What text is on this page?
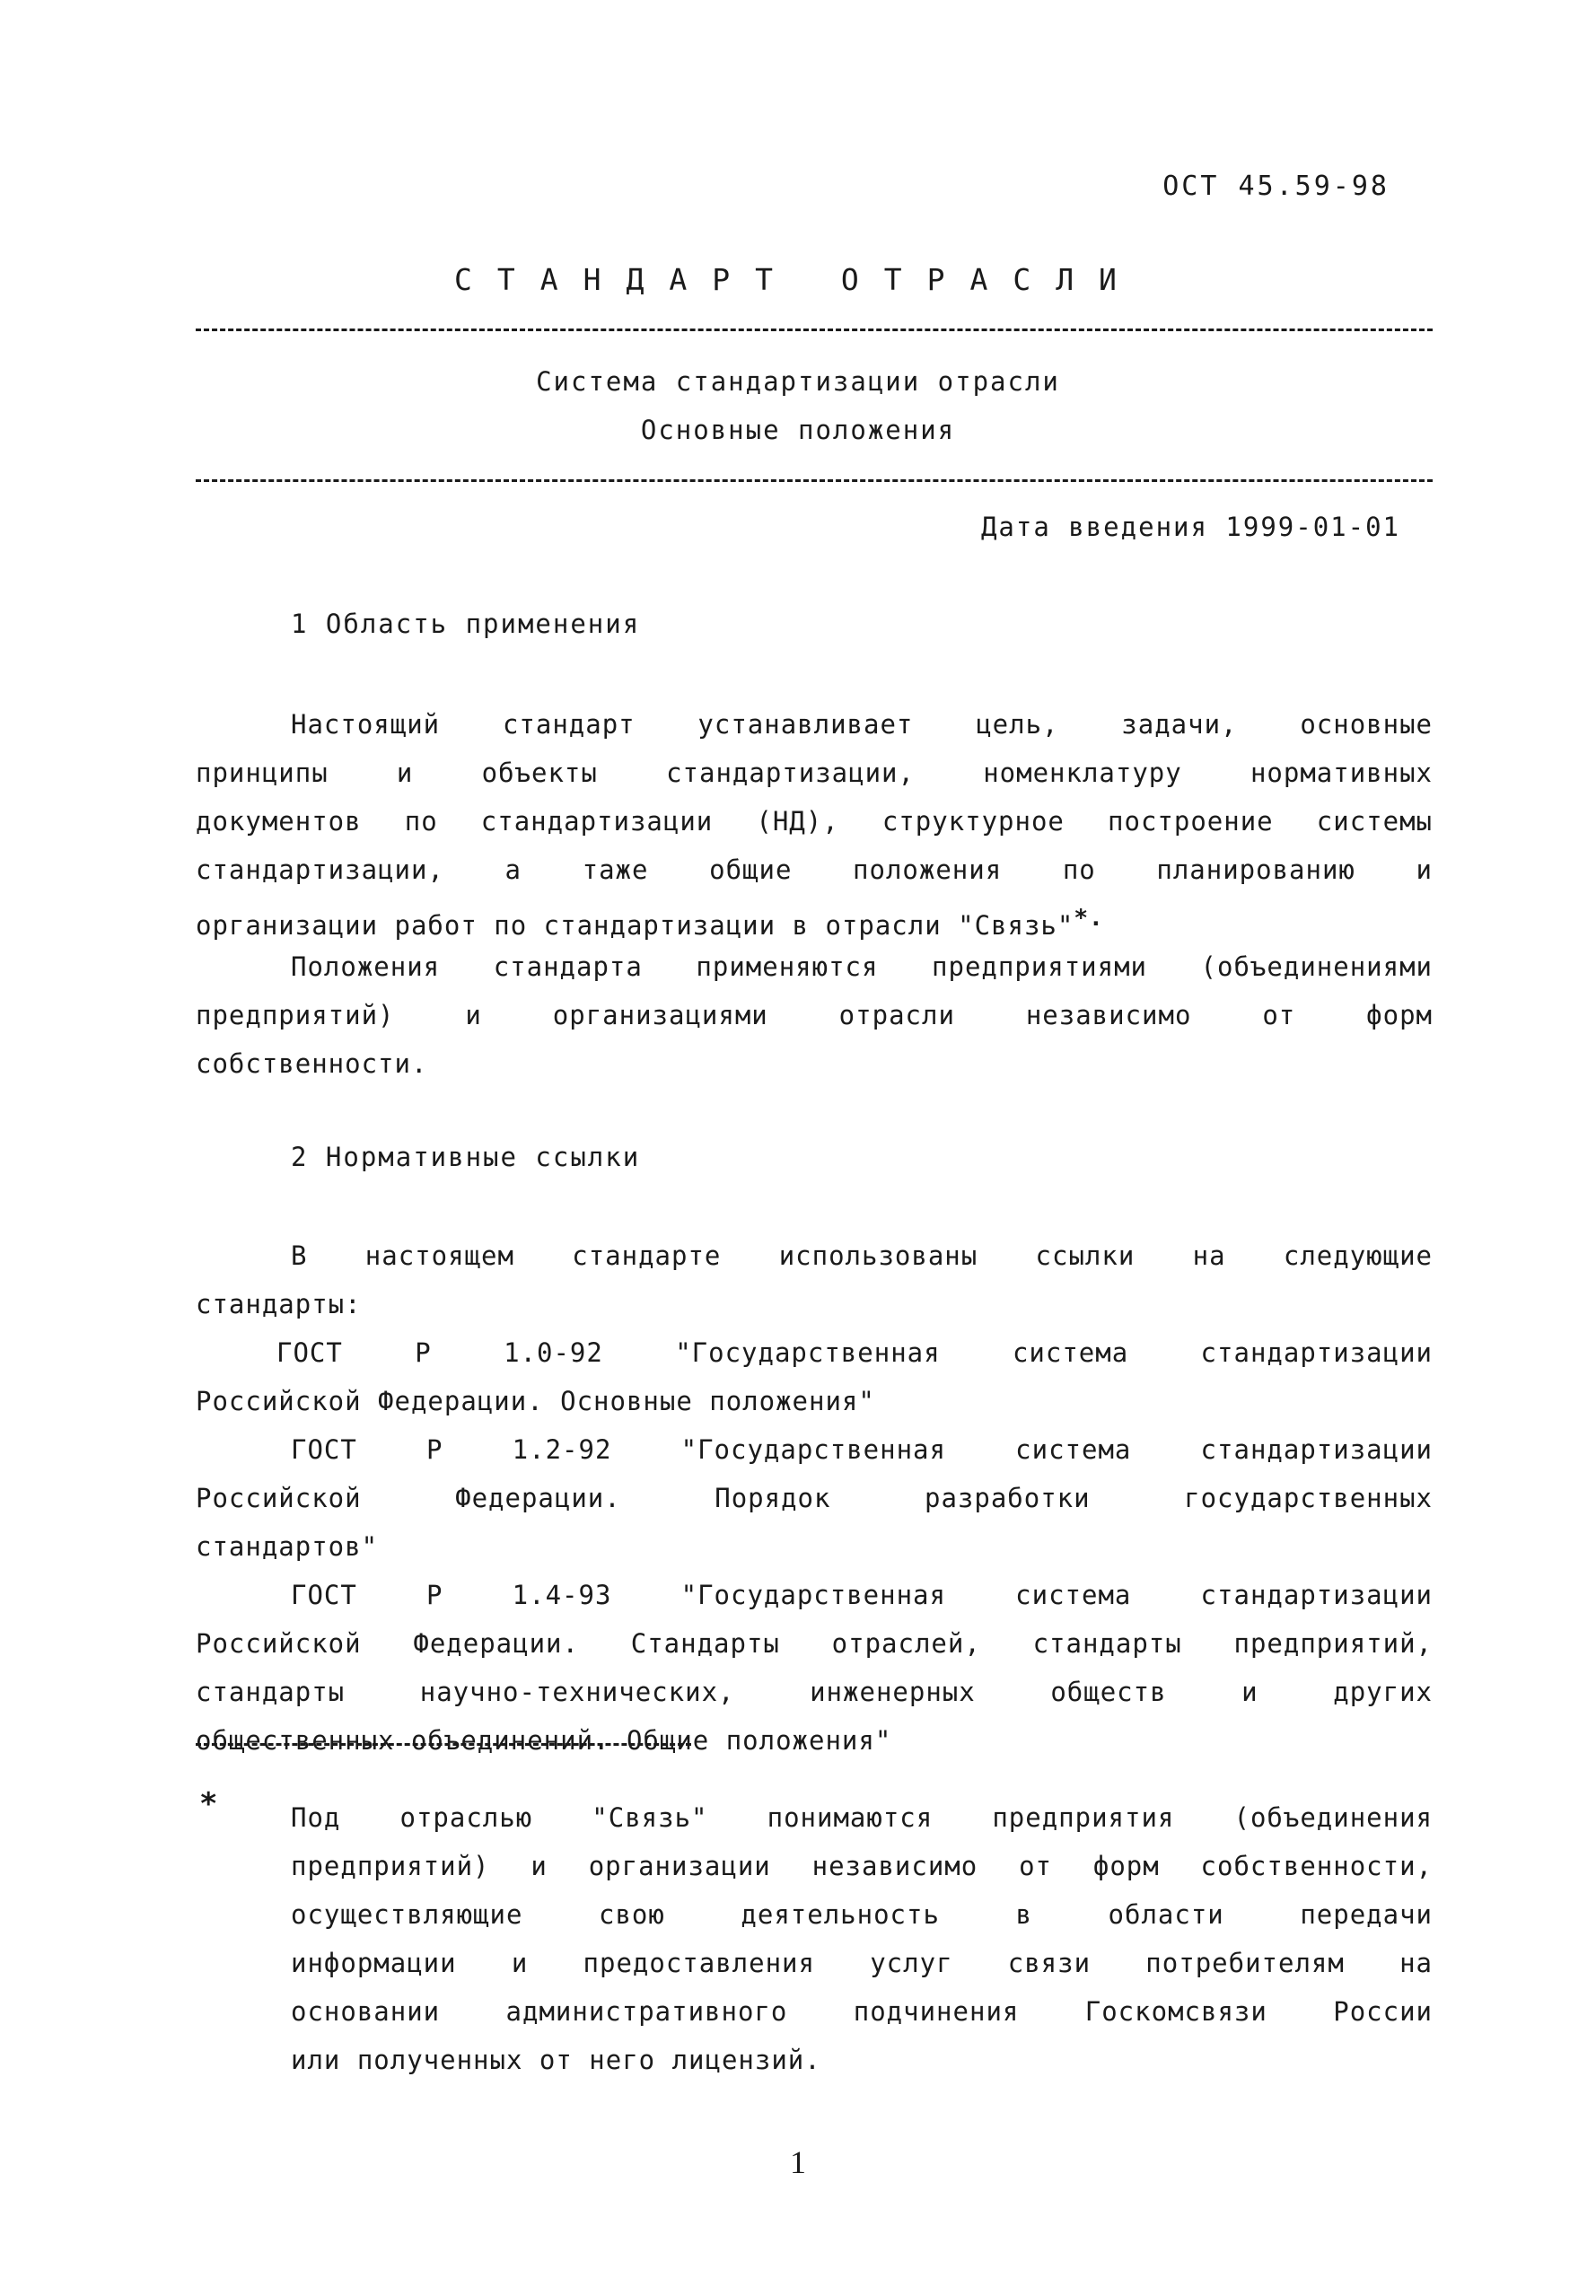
ОСТ 45.59-98
СТАНДАРТ ОТРАСЛИ
Система стандартизации отрасли
Основные положения
Дата введения 1999-01-01
1 Область применения
Настоящий стандарт устанавливает цель, задачи, основные
принципы и объекты стандартизации, номенклатуру нормативных
документов по стандартизации (НД), структурное построение системы
стандартизации, а таже общие положения по планированию и
организации работ по стандартизации в отрасли "Связь"*.
Положения стандарта применяются предприятиями (объединениями
предприятий) и организациями отрасли независимо от форм
собственности.
2 Нормативные ссылки
В настоящем стандарте использованы ссылки на следующие
стандарты:
ГОСТ Р 1.0-92 "Государственная система стандартизации
Российской Федерации. Основные положения"
ГОСТ Р 1.2-92 "Государственная система стандартизации
Российской Федерации. Порядок разработки государственных
стандартов"
ГОСТ Р 1.4-93 "Государственная система стандартизации
Российской Федерации. Стандарты отраслей, стандарты предприятий,
стандарты научно-технических, инженерных обществ и других
общественных объединений. Общие положения"
*	Под отраслью "Связь" понимаются предприятия (объединения
предприятий) и организации независимо от форм собственности,
осуществляющие свою деятельность в области передачи
информации и предоставления услуг связи потребителям на
основании административного подчинения Госкомсвязи России
или полученных от него лицензий.
1
